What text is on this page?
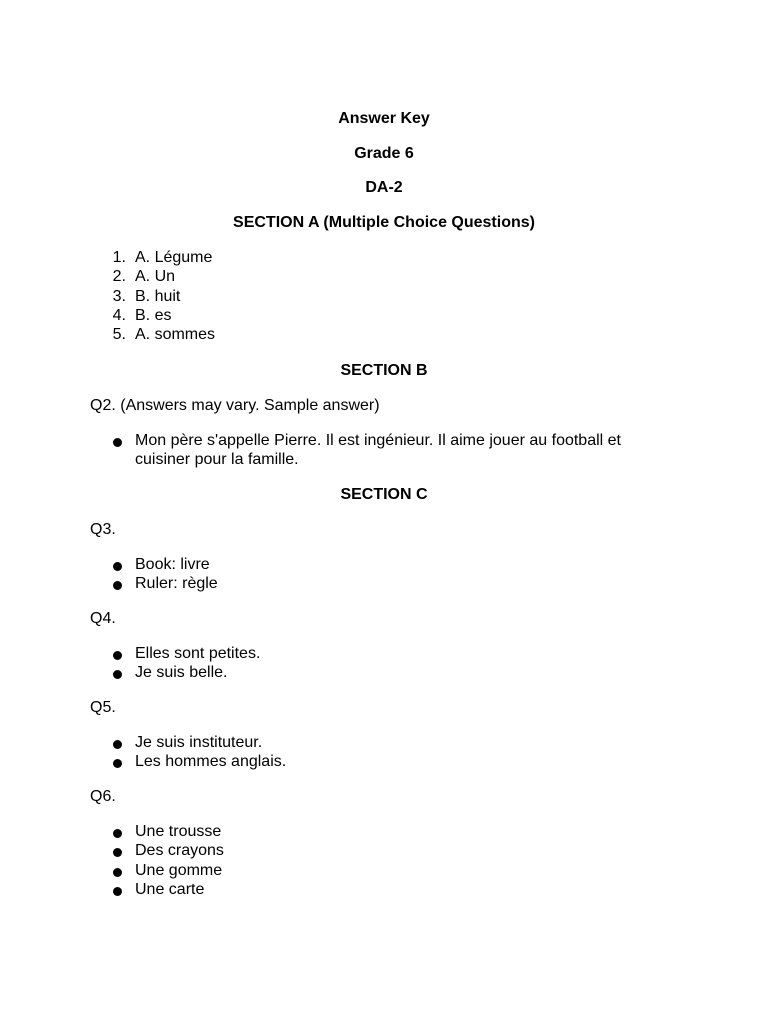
Answer Key
Grade 6
DA-2
SECTION A (Multiple Choice Questions)
1. A. Légume
2. A. Un
3. B. huit
4. B. es
5. A. sommes
SECTION B
Q2. (Answers may vary. Sample answer)
Mon père s'appelle Pierre. Il est ingénieur. Il aime jouer au football et cuisiner pour la famille.
SECTION C
Q3.
Book: livre
Ruler: règle
Q4.
Elles sont petites.
Je suis belle.
Q5.
Je suis instituteur.
Les hommes anglais.
Q6.
Une trousse
Des crayons
Une gomme
Une carte
